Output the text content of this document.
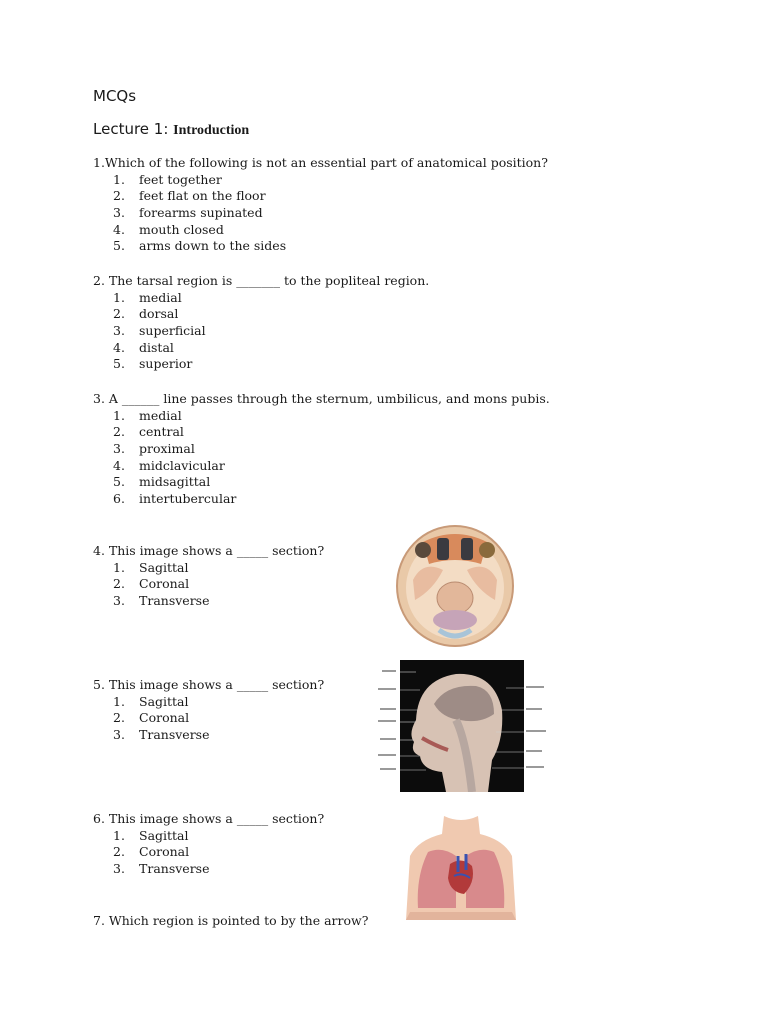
MCQs
Lecture 1: Introduction
1.Which of the following is not an essential part of anatomical position?
1.	feet together
2.	feet flat on the floor
3.	forearms supinated
4.	mouth closed
5.	arms down to the sides
2. The tarsal region is _______ to the popliteal region.
1.	medial
2.	dorsal
3.	superficial
4.	distal
5.	superior
3. A ______ line passes through the sternum, umbilicus, and mons pubis.
1.	medial
2.	central
3.	proximal
4.	midclavicular
5.	midsagittal
6.	intertubercular
4. This image shows a _____ section?
1.	Sagittal
2.	Coronal
3.	Transverse
5. This image shows a _____ section?
1.	Sagittal
2.	Coronal
3.	Transverse
6. This image shows a _____ section?
1.	Sagittal
2.	Coronal
3.	Transverse
7. Which region is pointed to by the arrow?
